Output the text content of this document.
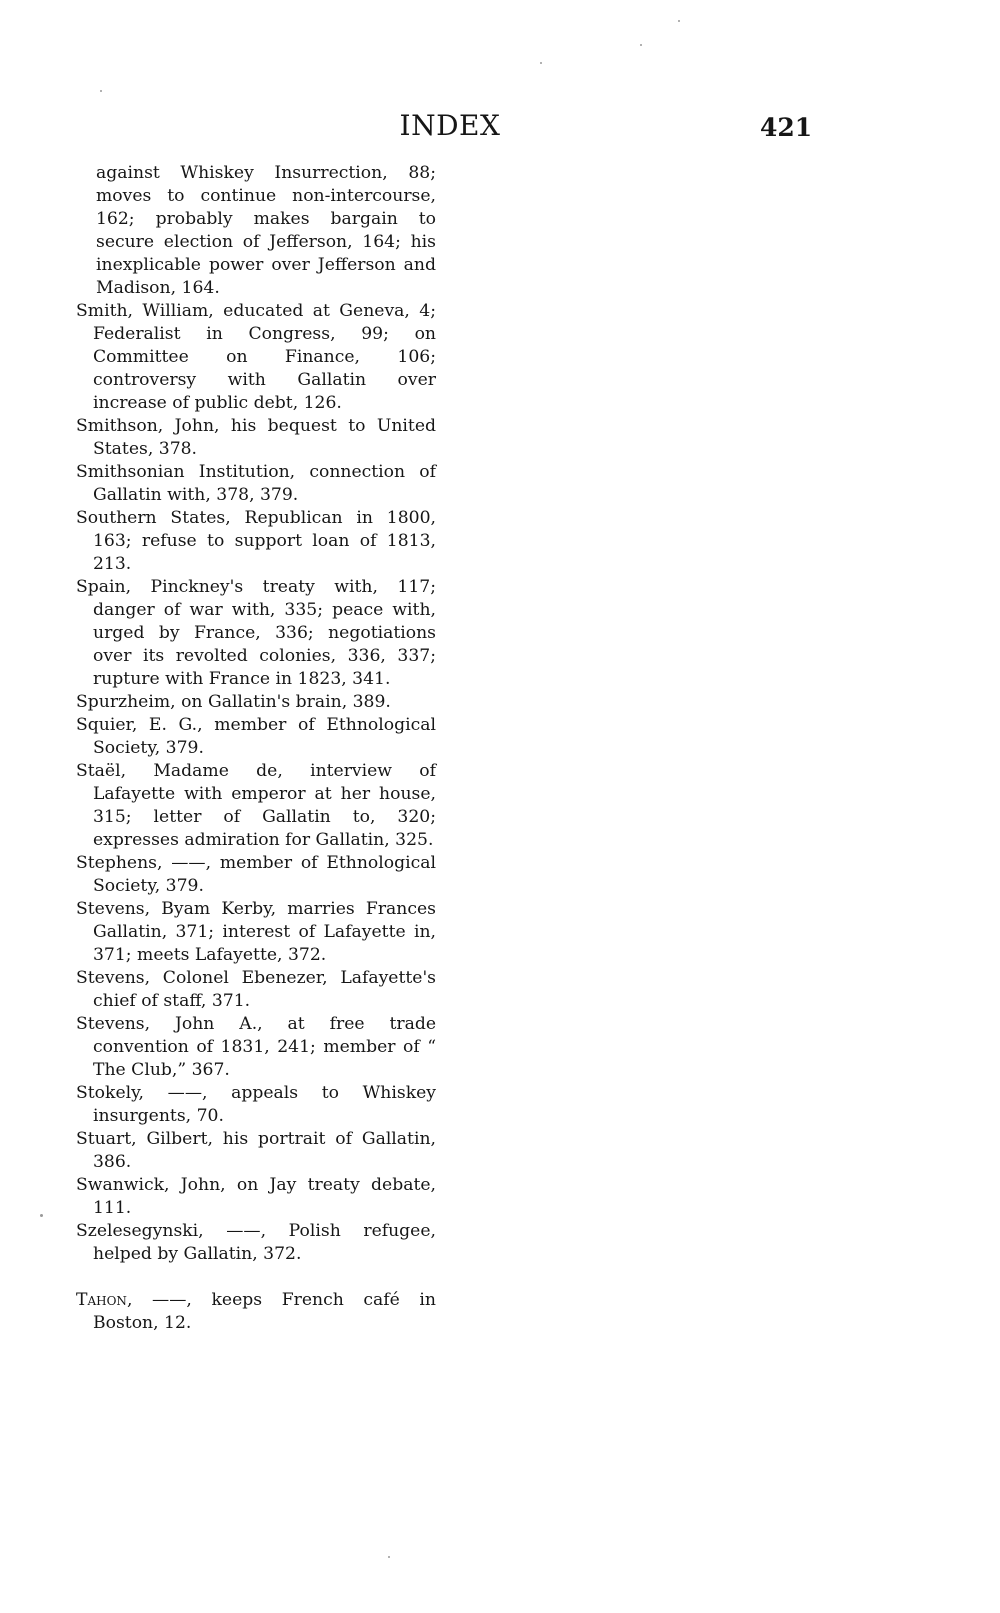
INDEX	421
against Whiskey Insurrection, 88; moves to continue non-intercourse, 162; probably makes bargain to secure election of Jefferson, 164; his inexplicable power over Jefferson and Madison, 164.
Smith, William, educated at Geneva, 4; Federalist in Congress, 99; on Committee on Finance, 106; controversy with Gallatin over increase of public debt, 126.
Smithson, John, his bequest to United States, 378.
Smithsonian Institution, connection of Gallatin with, 378, 379.
Southern States, Republican in 1800, 163; refuse to support loan of 1813, 213.
Spain, Pinckney's treaty with, 117; danger of war with, 335; peace with, urged by France, 336; negotiations over its revolted colonies, 336, 337; rupture with France in 1823, 341.
Spurzheim, on Gallatin's brain, 389.
Squier, E. G., member of Ethnological Society, 379.
Staël, Madame de, interview of Lafayette with emperor at her house, 315; letter of Gallatin to, 320; expresses admiration for Gallatin, 325.
Stephens, ——, member of Ethnological Society, 379.
Stevens, Byam Kerby, marries Frances Gallatin, 371; interest of Lafayette in, 371; meets Lafayette, 372.
Stevens, Colonel Ebenezer, Lafayette's chief of staff, 371.
Stevens, John A., at free trade convention of 1831, 241; member of “ The Club,” 367.
Stokely, ——, appeals to Whiskey insurgents, 70.
Stuart, Gilbert, his portrait of Gallatin, 386.
Swanwick, John, on Jay treaty debate, 111.
Szelesegynski, ——, Polish refugee, helped by Gallatin, 372.
Tahon, ——, keeps French café in Boston, 12.
